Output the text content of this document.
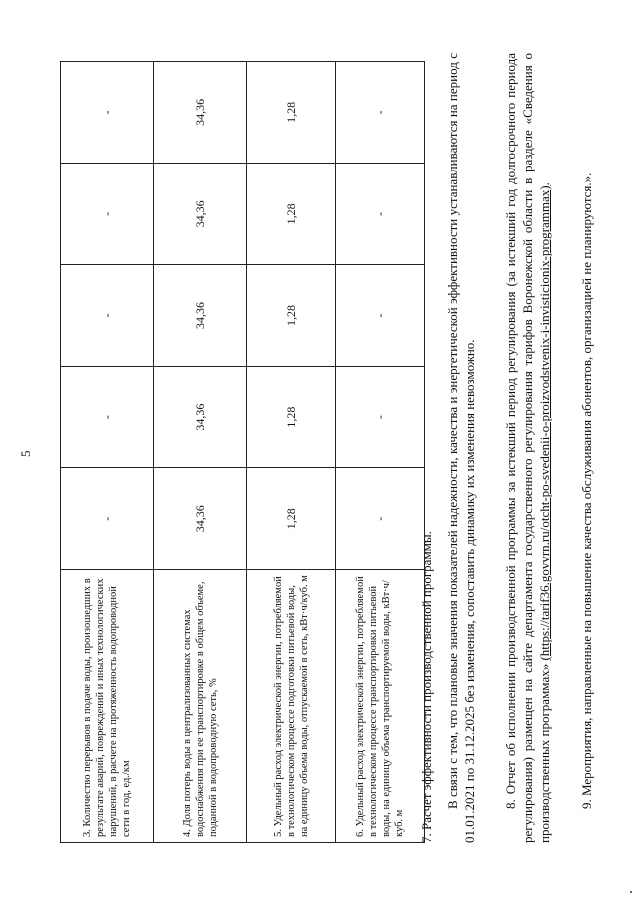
5
3. Количество перерывов в подаче воды, произошедших в результате аварий, повреждений и иных технологических нарушений, в расчете на протяженность водопроводной сети в год, ед./км	-	-	-	-	-
4. Доля потерь воды в централизованных системах водоснабжения при ее транспортировке в общем объеме, поданной в водопроводную сеть, %	34,36	34,36	34,36	34,36	34,36
5. Удельный расход электрической энергии, потребляемой в технологическом процессе подготовки питьевой воды, на единицу объема воды, отпускаемой в сеть, кВт·ч/куб. м	1,28	1,28	1,28	1,28	1,28
6. Удельный расход электрической энергии, потребляемой в технологическом процессе транспортировки питьевой воды, на единицу объема транспортируемой воды, кВт·ч/куб. м	-	-	-	-	-
7. Расчет эффективности производственной программы. В связи с тем, что плановые значения показателей надежности, качества и энергетической эффективности устанавливаются на период с 01.01.2021 по 31.12.2025 без изменения, сопоставить динамику их изменения невозможно. 8. Отчет об исполнении производственной программы за истекший период регулирования (за истекший год долгосрочного периода регулирования) размещен на сайте департамента государственного регулирования тарифов Воронежской области в разделе «Сведения о производственных программах» (https://tarif36.govvrn.ru/otcht-po-svedenii-o-proizvodstvenix-i-invisticionix-programmax). 9. Мероприятия, направленные на повышение качества обслуживания абонентов, организацией не планируются.».
